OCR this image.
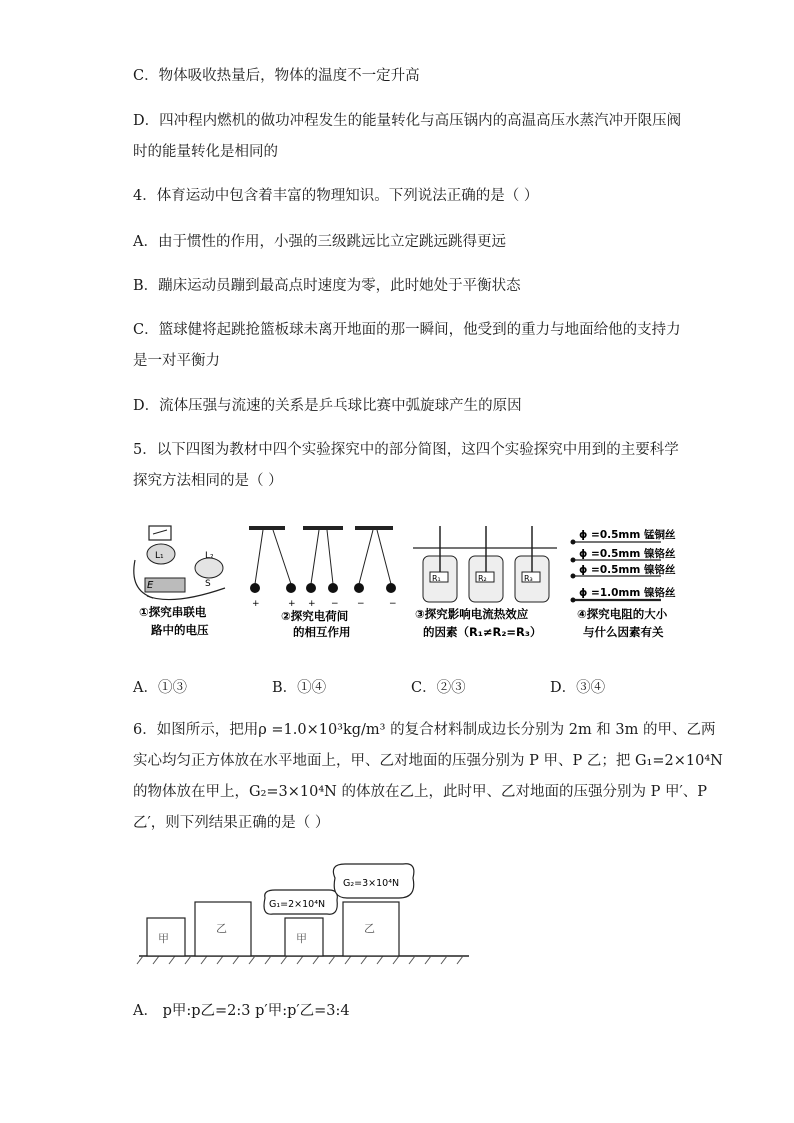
C．物体吸收热量后，物体的温度不一定升高
D．四冲程内燃机的做功冲程发生的能量转化与高压锅内的高温高压水蒸汽冲开限压阀
时的能量转化是相同的
4．体育运动中包含着丰富的物理知识。下列说法正确的是（ ）
A．由于惯性的作用，小强的三级跳远比立定跳远跳得更远
B．蹦床运动员蹦到最高点时速度为零，此时她处于平衡状态
C．篮球健将起跳抢篮板球未离开地面的那一瞬间，他受到的重力与地面给他的支持力
是一对平衡力
D．流体压强与流速的关系是乒乓球比赛中弧旋球产生的原因
5．以下四图为教材中四个实验探究中的部分简图，这四个实验探究中用到的主要科学
探究方法相同的是（ ）
L₁	L₂
E	S
①探究串联电
路中的电压
+	+ + − −	−
②探究电荷间
的相互作用
R₁	R₂	R₃
③探究影响电流热效应
的因素（R₁≠R₂=R₃）
ϕ =0.5mm 锰铜丝
ϕ =0.5mm 镍铬丝
ϕ =0.5mm 镍铬丝
ϕ =1.0mm 镍铬丝
④探究电阻的大小
与什么因素有关
A．①③	B．①④	C．②③	D．③④
6．如图所示，把用ρ =1.0×10³kg/m³ 的复合材料制成边长分别为 2m 和 3m 的甲、乙两
实心均匀正方体放在水平地面上，甲、乙对地面的压强分别为 P 甲、P 乙；把 G₁=2×10⁴N
的物体放在甲上，G₂=3×10⁴N 的体放在乙上，此时甲、乙对地面的压强分别为 P 甲′、P
乙′，则下列结果正确的是（ ）
甲
乙
甲
乙
G₁=2×10⁴N
G₂=3×10⁴N
A． p甲:p乙=2:3 p′甲:p′乙=3:4
